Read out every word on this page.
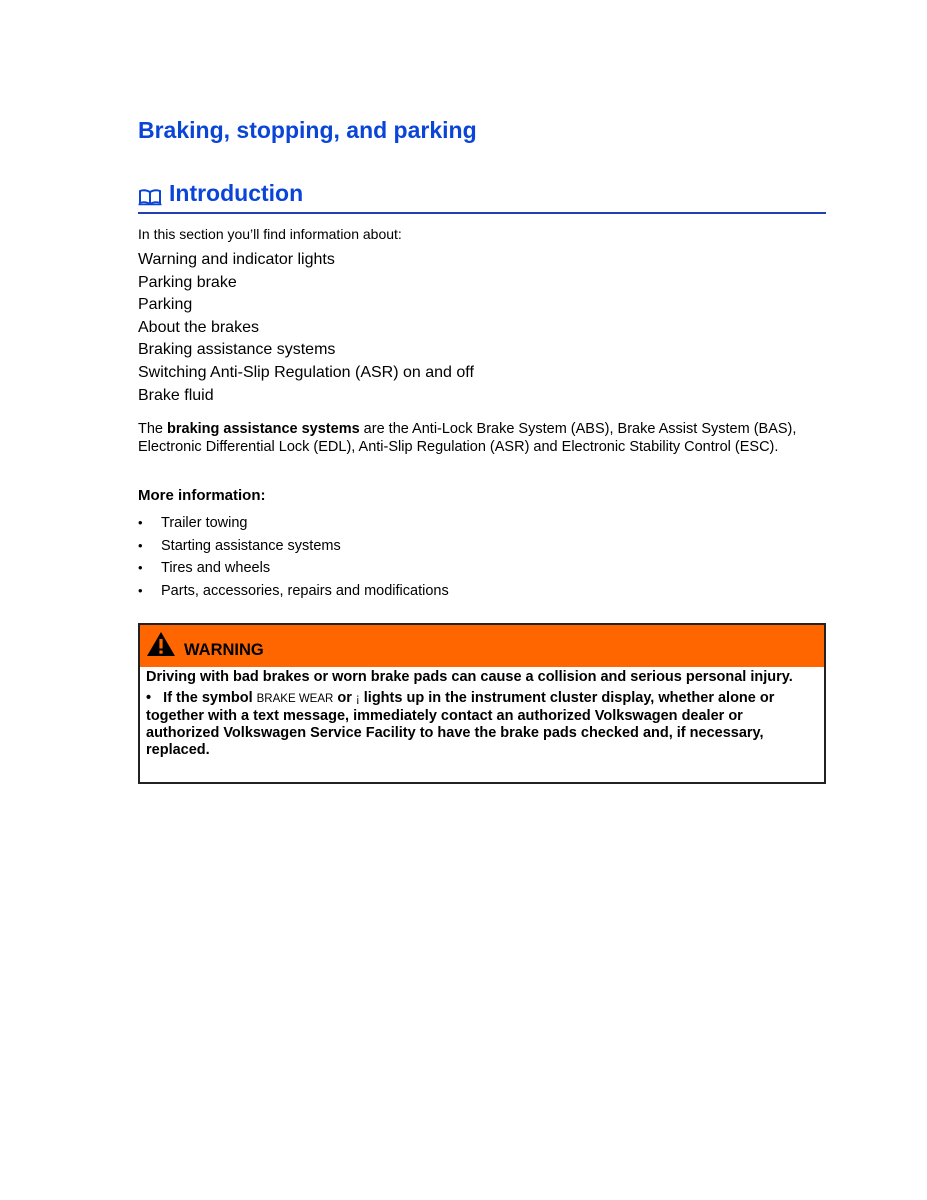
Braking, stopping, and parking
Introduction
In this section you’ll find information about:
Warning and indicator lights
Parking brake
Parking
About the brakes
Braking assistance systems
Switching Anti-Slip Regulation (ASR) on and off
Brake fluid
The braking assistance systems are the Anti-Lock Brake System (ABS), Brake Assist System (BAS), Electronic Differential Lock (EDL), Anti-Slip Regulation (ASR) and Electronic Stability Control (ESC).
More information:
• Trailer towing
• Starting assistance systems
• Tires and wheels
• Parts, accessories, repairs and modifications
WARNING

Driving with bad brakes or worn brake pads can cause a collision and serious personal injury.

• If the symbol BRAKE WEAR or ¡ lights up in the instrument cluster display, whether alone or together with a text message, immediately contact an authorized Volkswagen dealer or authorized Volkswagen Service Facility to have the brake pads checked and, if necessary, replaced.
